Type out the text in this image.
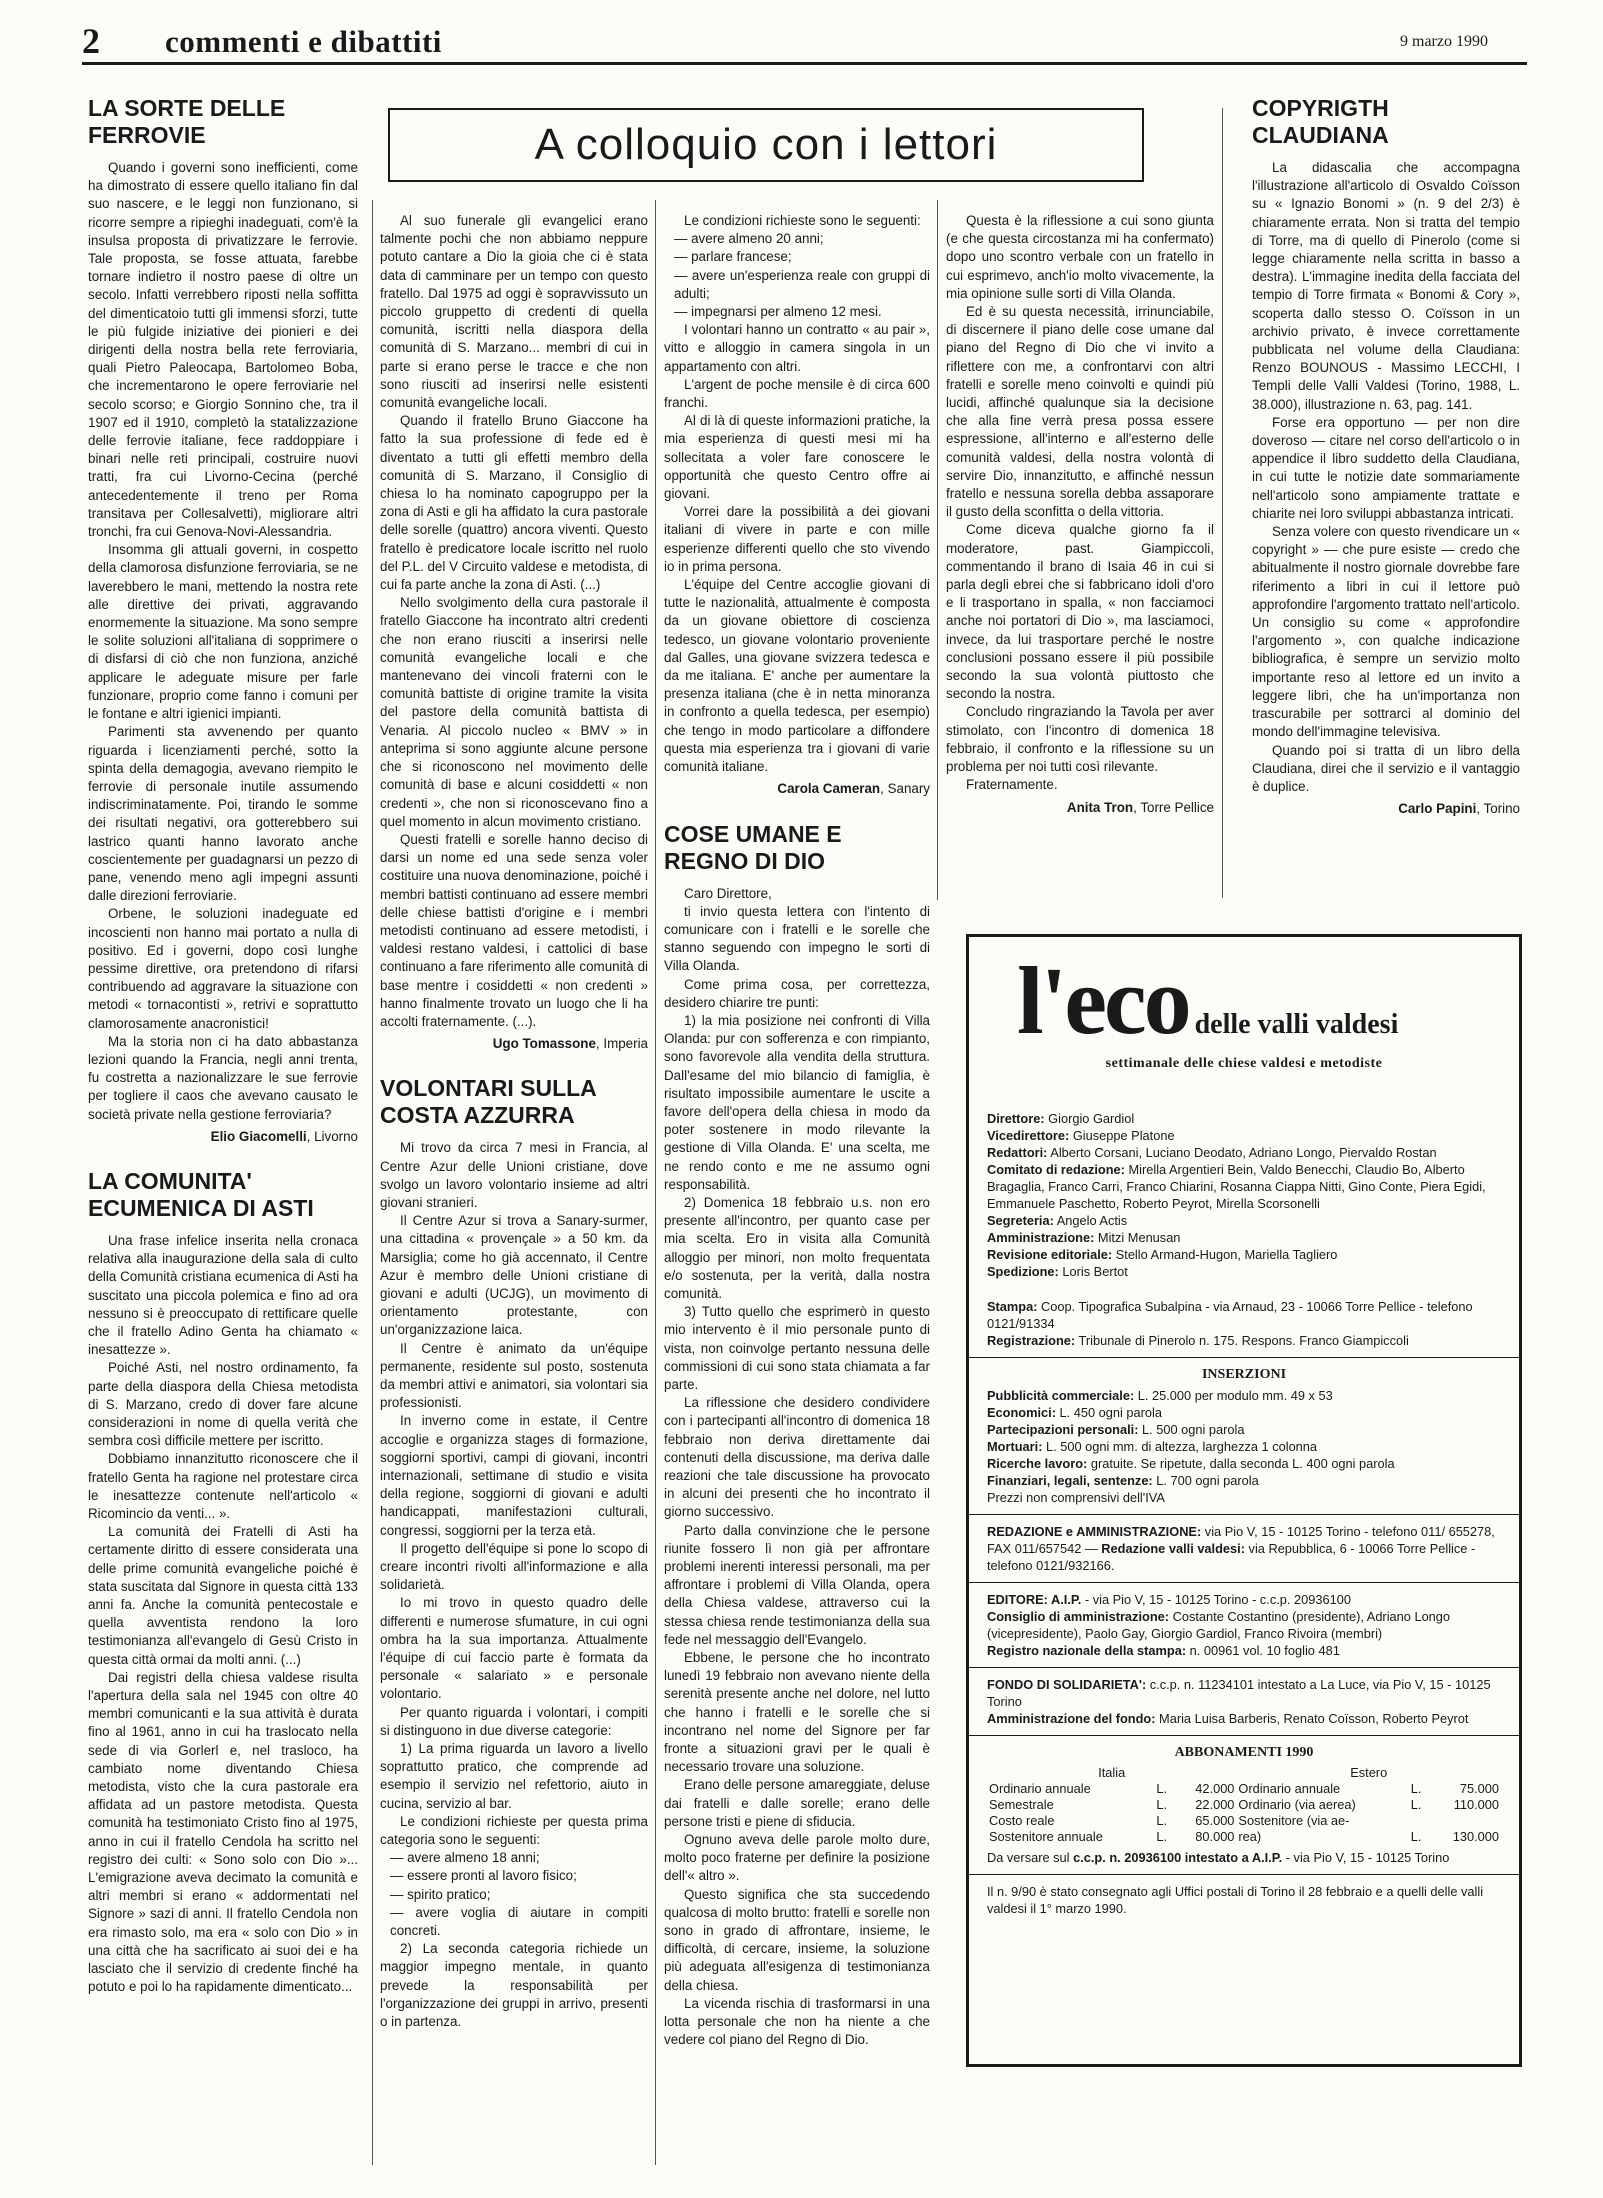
2 commenti e dibattiti	9 marzo 1990
A colloquio con i lettori

LA SORTE DELLE FERROVIE

Quando i governi sono inefficienti, come ha dimostrato di essere quello italiano fin dal suo nascere, e le leggi non funzionano, si ricorre sempre a ripieghi inadeguati, com'è la insulsa proposta di privatizzare le ferrovie. Tale proposta, se fosse attuata, farebbe tornare indietro il nostro paese di oltre un secolo. Infatti verrebbero riposti nella soffitta del dimenticatoio tutti gli immensi sforzi, tutte le più fulgide iniziative dei pionieri e dei dirigenti della nostra bella rete ferroviaria, quali Pietro Paleocapa, Bartolomeo Boba, che incrementarono le opere ferroviarie nel secolo scorso; e Giorgio Sonnino che, tra il 1907 ed il 1910, completò la statalizzazione delle ferrovie italiane, fece raddoppiare i binari nelle reti principali, costruire nuovi tratti, fra cui Livorno-Cecina (perché antecedentemente il treno per Roma transitava per Collesalvetti), migliorare altri tronchi, fra cui Genova-Novi-Alessandria.

Insomma gli attuali governi, in cospetto della clamorosa disfunzione ferroviaria, se ne laverebbero le mani, mettendo la nostra rete alle direttive dei privati, aggravando enormemente la situazione. Ma sono sempre le solite soluzioni all'italiana di sopprimere o di disfarsi di ciò che non funziona, anziché applicare le adeguate misure per farle funzionare, proprio come fanno i comuni per le fontane e altri igienici impianti.

Parimenti sta avvenendo per quanto riguarda i licenziamenti perché, sotto la spinta della demagogia, avevano riempito le ferrovie di personale inutile assumendo indiscriminatamente. Poi, tirando le somme dei risultati negativi, ora gotterebbero sui lastrico quanti hanno lavorato anche coscientemente per guadagnarsi un pezzo di pane, venendo meno agli impegni assunti dalle direzioni ferroviarie.

Orbene, le soluzioni inadeguate ed incoscienti non hanno mai portato a nulla di positivo. Ed i governi, dopo così lunghe pessime direttive, ora pretendono di rifarsi contribuendo ad aggravare la situazione con metodi « tornacontisti », retrivi e soprattutto clamorosamente anacronistici!

Ma la storia non ci ha dato abbastanza lezioni quando la Francia, negli anni trenta, fu costretta a nazionalizzare le sue ferrovie per togliere il caos che avevano causato le società private nella gestione ferroviaria?

Elio Giacomelli, Livorno

LA COMUNITA' ECUMENICA DI ASTI

Una frase infelice inserita nella cronaca relativa alla inaugurazione della sala di culto della Comunità cristiana ecumenica di Asti ha suscitato una piccola polemica e fino ad ora nessuno si è preoccupato di rettificare quelle che il fratello Adino Genta ha chiamato « inesattezze ».

Poiché Asti, nel nostro ordinamento, fa parte della diaspora della Chiesa metodista di S. Marzano, credo di dover fare alcune considerazioni in nome di quella verità che sembra così difficile mettere per iscritto.

Dobbiamo innanzitutto riconoscere che il fratello Genta ha ragione nel protestare circa le inesattezze contenute nell'articolo « Ricomincio da venti... ».

La comunità dei Fratelli di Asti ha certamente diritto di essere considerata una delle prime comunità evangeliche poiché è stata suscitata dal Signore in questa città 133 anni fa. Anche la comunità pentecostale e quella avventista rendono la loro testimonianza all'evangelo di Gesù Cristo in questa città ormai da molti anni. (...)

Dai registri della chiesa valdese risulta l'apertura della sala nel 1945 con oltre 40 membri comunicanti e la sua attività è durata fino al 1961, anno in cui ha traslocato nella sede di via Gorlerl e, nel trasloco, ha cambiato nome diventando Chiesa metodista, visto che la cura pastorale era affidata ad un pastore metodista. Questa comunità ha testimoniato Cristo fino al 1975, anno in cui il fratello Cendola ha scritto nel registro dei culti: « Sono solo con Dio »... L'emigrazione aveva decimato la comunità e altri membri si erano « addormentati nel Signore » sazi di anni. Il fratello Cendola non era rimasto solo, ma era « solo con Dio » in una città che ha sacrificato ai suoi dei e ha lasciato che il servizio di credente finché ha potuto e poi lo ha rapidamente dimenticato...

Al suo funerale gli evangelici erano talmente pochi che non abbiamo neppure potuto cantare a Dio la gioia che ci è stata data di camminare per un tempo con questo fratello. Dal 1975 ad oggi è sopravvissuto un piccolo gruppetto di credenti di quella comunità, iscritti nella diaspora della comunità di S. Marzano... membri di cui in parte si erano perse le tracce e che non sono riusciti ad inserirsi nelle esistenti comunità evangeliche locali.

Quando il fratello Bruno Giaccone ha fatto la sua professione di fede ed è diventato a tutti gli effetti membro della comunità di S. Marzano, il Consiglio di chiesa lo ha nominato capogruppo per la zona di Asti e gli ha affidato la cura pastorale delle sorelle (quattro) ancora viventi. Questo fratello è predicatore locale iscritto nel ruolo del P.L. del V Circuito valdese e metodista, di cui fa parte anche la zona di Asti. (...)

Nello svolgimento della cura pastorale il fratello Giaccone ha incontrato altri credenti che non erano riusciti a inserirsi nelle comunità evangeliche locali e che mantenevano dei vincoli fraterni con le comunità battiste di origine tramite la visita del pastore della comunità battista di Venaria. Al piccolo nucleo « BMV » in anteprima si sono aggiunte alcune persone che si riconoscono nel movimento delle comunità di base e alcuni cosiddetti « non credenti », che non si riconoscevano fino a quel momento in alcun movimento cristiano.

Questi fratelli e sorelle hanno deciso di darsi un nome ed una sede senza voler costituire una nuova denominazione, poiché i membri battisti continuano ad essere membri delle chiese battisti d'origine e i membri metodisti continuano ad essere metodisti, i valdesi restano valdesi, i cattolici di base continuano a fare riferimento alle comunità di base mentre i cosiddetti « non credenti » hanno finalmente trovato un luogo che li ha accolti fraternamente. (...).

Ugo Tomassone, Imperia

VOLONTARI SULLA COSTA AZZURRA

Mi trovo da circa 7 mesi in Francia, al Centre Azur delle Unioni cristiane, dove svolgo un lavoro volontario insieme ad altri giovani stranieri.

Il Centre Azur si trova a Sanary-surmer, una cittadina « provençale » a 50 km. da Marsiglia; come ho già accennato, il Centre Azur è membro delle Unioni cristiane di giovani e adulti (UCJG), un movimento di orientamento protestante, con un'organizzazione laica.

Il Centre è animato da un'équipe permanente, residente sul posto, sostenuta da membri attivi e animatori, sia volontari sia professionisti.

In inverno come in estate, il Centre accoglie e organizza stages di formazione, soggiorni sportivi, campi di giovani, incontri internazionali, settimane di studio e visita della regione, soggiorni di giovani e adulti handicappati, manifestazioni culturali, congressi, soggiorni per la terza età.

Il progetto dell'équipe si pone lo scopo di creare incontri rivolti all'informazione e alla solidarietà.

Io mi trovo in questo quadro delle differenti e numerose sfumature, in cui ogni ombra ha la sua importanza. Attualmente l'équipe di cui faccio parte è formata da personale « salariato » e personale volontario.

Per quanto riguarda i volontari, i compiti si distinguono in due diverse categorie:

1) La prima riguarda un lavoro a livello soprattutto pratico, che comprende ad esempio il servizio nel refettorio, aiuto in cucina, servizio al bar.

Le condizioni richieste per questa prima categoria sono le seguenti:

— avere almeno 18 anni;

— essere pronti al lavoro fisico;

— spirito pratico;

— avere voglia di aiutare in compiti concreti.

2) La seconda categoria richiede un maggior impegno mentale, in quanto prevede la responsabilità per l'organizzazione dei gruppi in arrivo, presenti o in partenza.

Le condizioni richieste sono le seguenti:

— avere almeno 20 anni;

— parlare francese;

— avere un'esperienza reale con gruppi di adulti;

— impegnarsi per almeno 12 mesi.

I volontari hanno un contratto « au pair », vitto e alloggio in camera singola in un appartamento con altri.

L'argent de poche mensile è di circa 600 franchi.

Al di là di queste informazioni pratiche, la mia esperienza di questi mesi mi ha sollecitata a voler fare conoscere le opportunità che questo Centro offre ai giovani.

Vorrei dare la possibilità a dei giovani italiani di vivere in parte e con mille esperienze differenti quello che sto vivendo io in prima persona.

L'équipe del Centre accoglie giovani di tutte le nazionalità, attualmente è composta da un giovane obiettore di coscienza tedesco, un giovane volontario proveniente dal Galles, una giovane svizzera tedesca e da me italiana. E' anche per aumentare la presenza italiana (che è in netta minoranza in confronto a quella tedesca, per esempio) che tengo in modo particolare a diffondere questa mia esperienza tra i giovani di varie comunità italiane.

Carola Cameran, Sanary

COSE UMANE E REGNO DI DIO

Caro Direttore,

ti invio questa lettera con l'intento di comunicare con i fratelli e le sorelle che stanno seguendo con impegno le sorti di Villa Olanda.

Come prima cosa, per correttezza, desidero chiarire tre punti:

1) la mia posizione nei confronti di Villa Olanda: pur con sofferenza e con rimpianto, sono favorevole alla vendita della struttura. Dall'esame del mio bilancio di famiglia, è risultato impossibile aumentare le uscite a favore dell'opera della chiesa in modo da poter sostenere in modo rilevante la gestione di Villa Olanda. E' una scelta, me ne rendo conto e me ne assumo ogni responsabilità.

2) Domenica 18 febbraio u.s. non ero presente all'incontro, per quanto case per mia scelta. Ero in visita alla Comunità alloggio per minori, non molto frequentata e/o sostenuta, per la verità, dalla nostra comunità.

3) Tutto quello che esprimerò in questo mio intervento è il mio personale punto di vista, non coinvolge pertanto nessuna delle commissioni di cui sono stata chiamata a far parte.

La riflessione che desidero condividere con i partecipanti all'incontro di domenica 18 febbraio non deriva direttamente dai contenuti della discussione, ma deriva dalle reazioni che tale discussione ha provocato in alcuni dei presenti che ho incontrato il giorno successivo.

Parto dalla convinzione che le persone riunite fossero lì non già per affrontare problemi inerenti interessi personali, ma per affrontare i problemi di Villa Olanda, opera della Chiesa valdese, attraverso cui la stessa chiesa rende testimonianza della sua fede nel messaggio dell'Evangelo.

Ebbene, le persone che ho incontrato lunedì 19 febbraio non avevano niente della serenità presente anche nel dolore, nel lutto che hanno i fratelli e le sorelle che si incontrano nel nome del Signore per far fronte a situazioni gravi per le quali è necessario trovare una soluzione.

Erano delle persone amareggiate, deluse dai fratelli e dalle sorelle; erano delle persone tristi e piene di sfiducia.

Ognuno aveva delle parole molto dure, molto poco fraterne per definire la posizione dell'« altro ».

Questo significa che sta succedendo qualcosa di molto brutto: fratelli e sorelle non sono in grado di affrontare, insieme, le difficoltà, di cercare, insieme, la soluzione più adeguata all'esigenza di testimonianza della chiesa.

La vicenda rischia di trasformarsi in una lotta personale che non ha niente a che vedere col piano del Regno di Dio.

Questa è la riflessione a cui sono giunta (e che questa circostanza mi ha confermato) dopo uno scontro verbale con un fratello in cui esprimevo, anch'io molto vivacemente, la mia opinione sulle sorti di Villa Olanda.

Ed è su questa necessità, irrinunciabile, di discernere il piano delle cose umane dal piano del Regno di Dio che vi invito a riflettere con me, a confrontarvi con altri fratelli e sorelle meno coinvolti e quindi più lucidi, affinché qualunque sia la decisione che alla fine verrà presa possa essere espressione, all'interno e all'esterno delle comunità valdesi, della nostra volontà di servire Dio, innanzitutto, e affinché nessun fratello e nessuna sorella debba assaporare il gusto della sconfitta o della vittoria.

Come diceva qualche giorno fa il moderatore, past. Giampiccoli, commentando il brano di Isaia 46 in cui si parla degli ebrei che si fabbricano idoli d'oro e li trasportano in spalla, « non facciamoci anche noi portatori di Dio », ma lasciamoci, invece, da lui trasportare perché le nostre conclusioni possano essere il più possibile secondo la sua volontà piuttosto che secondo la nostra.

Concludo ringraziando la Tavola per aver stimolato, con l'incontro di domenica 18 febbraio, il confronto e la riflessione su un problema per noi tutti così rilevante.

Fraternamente.

Anita Tron, Torre Pellice

COPYRIGTH CLAUDIANA

La didascalia che accompagna l'illustrazione all'articolo di Osvaldo Coïsson su « Ignazio Bonomi » (n. 9 del 2/3) è chiaramente errata. Non si tratta del tempio di Torre, ma di quello di Pinerolo (come si legge chiaramente nella scritta in basso a destra). L'immagine inedita della facciata del tempio di Torre firmata « Bonomi & Cory », scoperta dallo stesso O. Coïsson in un archivio privato, è invece correttamente pubblicata nel volume della Claudiana: Renzo BOUNOUS - Massimo LECCHI, I Templi delle Valli Valdesi (Torino, 1988, L. 38.000), illustrazione n. 63, pag. 141.

Forse era opportuno — per non dire doveroso — citare nel corso dell'articolo o in appendice il libro suddetto della Claudiana, in cui tutte le notizie date sommariamente nell'articolo sono ampiamente trattate e chiarite nei loro sviluppi abbastanza intricati.

Senza volere con questo rivendicare un « copyright » — che pure esiste — credo che abitualmente il nostro giornale dovrebbe fare riferimento a libri in cui il lettore può approfondire l'argomento trattato nell'articolo. Un consiglio su come « approfondire l'argomento », con qualche indicazione bibliografica, è sempre un servizio molto importante reso al lettore ed un invito a leggere libri, che ha un'importanza non trascurabile per sottrarci al dominio del mondo dell'immagine televisiva.

Quando poi si tratta di un libro della Claudiana, direi che il servizio e il vantaggio è duplice.

Carlo Papini, Torino

l'eco delle valli valdesi
settimanale delle chiese valdesi e metodiste

Direttore: Giorgio Gardiol

Vicedirettore: Giuseppe Platone

Redattori: Alberto Corsani, Luciano Deodato, Adriano Longo, Piervaldo Rostan

Comitato di redazione: Mirella Argentieri Bein, Valdo Benecchi, Claudio Bo, Alberto Bragaglia, Franco Carri, Franco Chiarini, Rosanna Ciappa Nitti, Gino Conte, Piera Egidi, Emmanuele Paschetto, Roberto Peyrot, Mirella Scorsonelli

Segreteria: Angelo Actis

Amministrazione: Mitzi Menusan

Revisione editoriale: Stello Armand-Hugon, Mariella Tagliero

Spedizione: Loris Bertot

Stampa: Coop. Tipografica Subalpina - via Arnaud, 23 - 10066 Torre Pellice - telefono 0121/91334

Registrazione: Tribunale di Pinerolo n. 175. Respons. Franco Giampiccoli

INSERZIONI

Pubblicità commerciale: L. 25.000 per modulo mm. 49 x 53

Economici: L. 450 ogni parola

Partecipazioni personali: L. 500 ogni parola

Mortuari: L. 500 ogni mm. di altezza, larghezza 1 colonna

Ricerche lavoro: gratuite. Se ripetute, dalla seconda L. 400 ogni parola

Finanziari, legali, sentenze: L. 700 ogni parola

Prezzi non comprensivi dell'IVA

REDAZIONE e AMMINISTRAZIONE: via Pio V, 15 - 10125 Torino - telefono 011/ 655278, FAX 011/657542 — Redazione valli valdesi: via Repubblica, 6 - 10066 Torre Pellice - telefono 0121/932166.

EDITORE: A.I.P. - via Pio V, 15 - 10125 Torino - c.c.p. 20936100

Consiglio di amministrazione: Costante Costantino (presidente), Adriano Longo (vicepresidente), Paolo Gay, Giorgio Gardiol, Franco Rivoira (membri)

Registro nazionale della stampa: n. 00961 vol. 10 foglio 481

FONDO DI SOLIDARIETA': c.c.p. n. 11234101 intestato a La Luce, via Pio V, 15 - 10125 Torino

Amministrazione del fondo: Maria Luisa Barberis, Renato Coïsson, Roberto Peyrot

ABBONAMENTI 1990
Italia			Estero		
Ordinario annuale	L.	42.000	Ordinario annuale	L.	75.000
Semestrale	L.	22.000	Ordinario (via aerea)	L.	110.000
Costo reale	L.	65.000	Sostenitore (via ae-		
Sostenitore annuale	L.	80.000	rea)	L.	130.000

Da versare sul c.c.p. n. 20936100 intestato a A.I.P. - via Pio V, 15 - 10125 Torino

Il n. 9/90 è stato consegnato agli Uffici postali di Torino il 28 febbraio e a quelli delle valli valdesi il 1° marzo 1990.
